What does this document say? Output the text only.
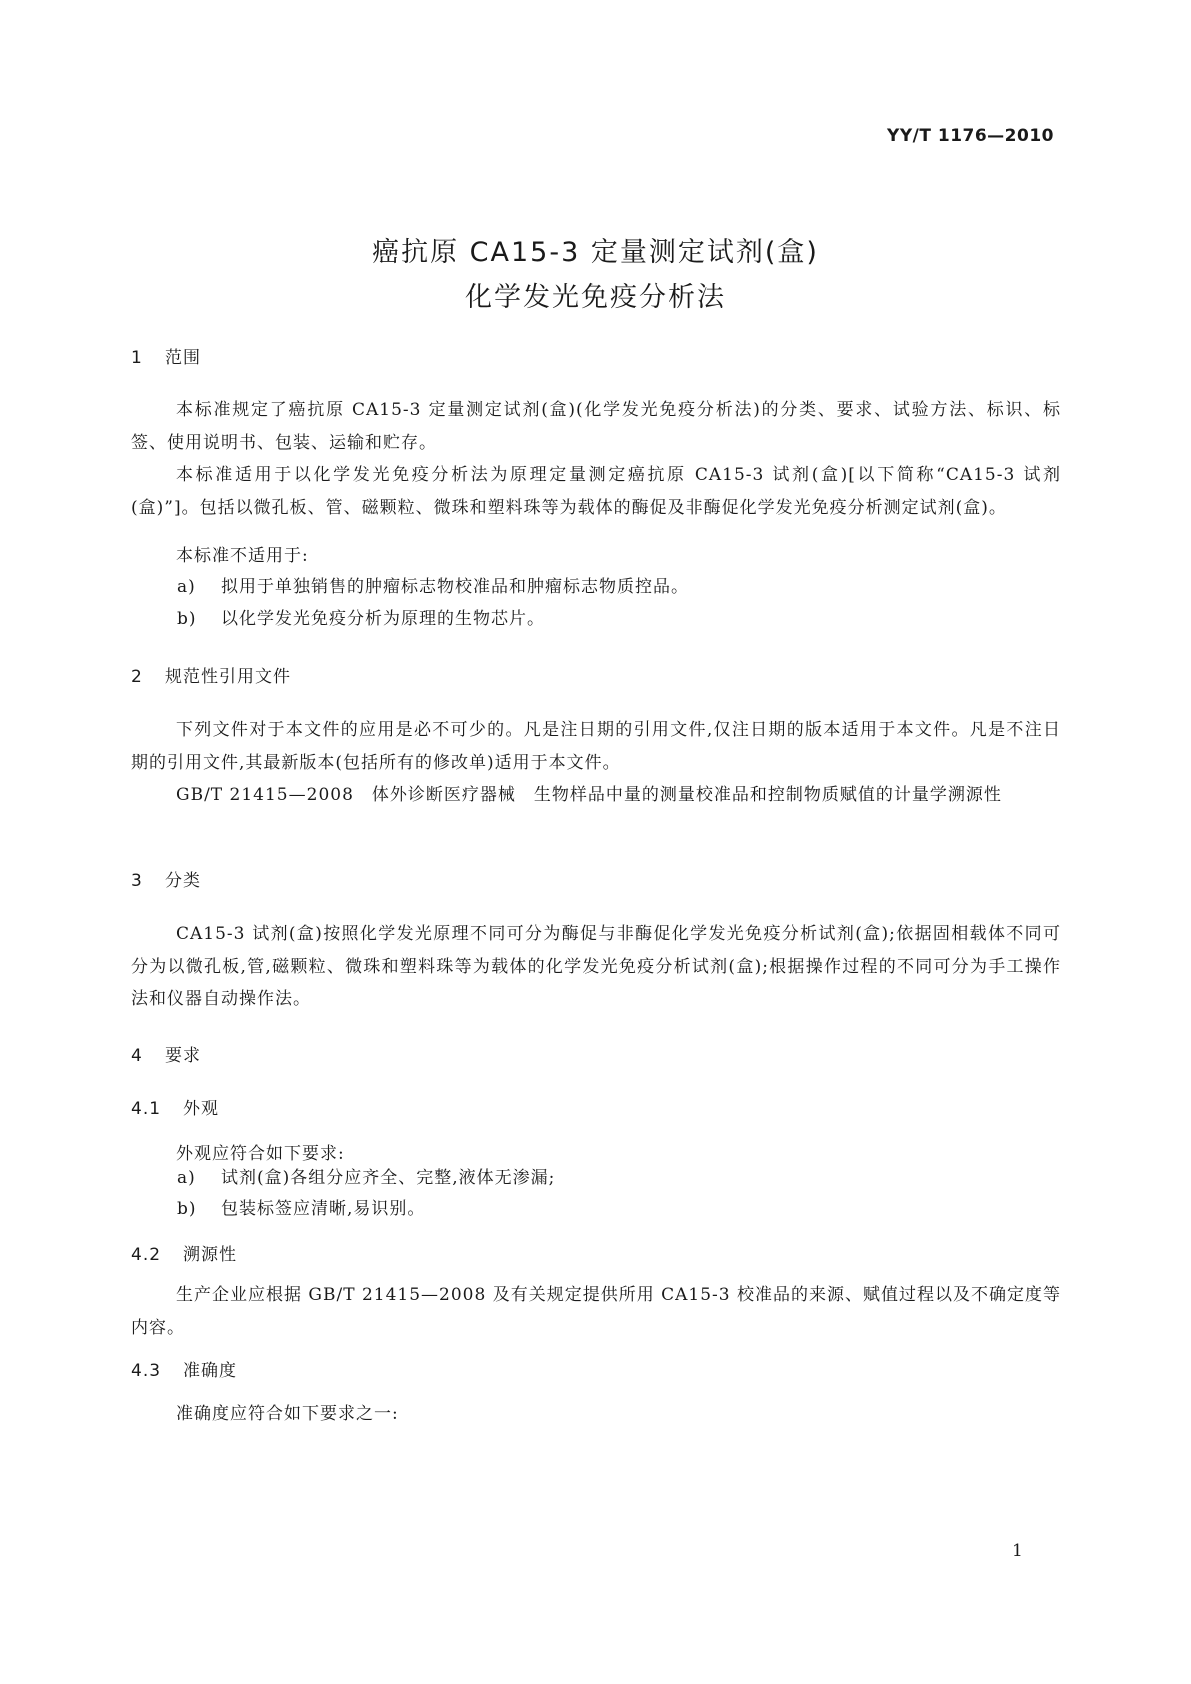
YY/T 1176—2010
癌抗原 CA15-3 定量测定试剂(盒)
化学发光免疫分析法
1 范围

本标准规定了癌抗原 CA15-3 定量测定试剂(盒)(化学发光免疫分析法)的分类、要求、试验方法、标识、标签、使用说明书、包装、运输和贮存。

本标准适用于以化学发光免疫分析法为原理定量测定癌抗原 CA15-3 试剂(盒)[以下简称“CA15-3 试剂(盒)”]。包括以微孔板、管、磁颗粒、微珠和塑料珠等为载体的酶促及非酶促化学发光免疫分析测定试剂(盒)。

本标准不适用于:

a) 拟用于单独销售的肿瘤标志物校准品和肿瘤标志物质控品。
b) 以化学发光免疫分析为原理的生物芯片。
2 规范性引用文件

下列文件对于本文件的应用是必不可少的。凡是注日期的引用文件,仅注日期的版本适用于本文件。凡是不注日期的引用文件,其最新版本(包括所有的修改单)适用于本文件。

GB/T 21415—2008　体外诊断医疗器械　生物样品中量的测量校准品和控制物质赋值的计量学溯源性

3 分类

CA15-3 试剂(盒)按照化学发光原理不同可分为酶促与非酶促化学发光免疫分析试剂(盒);依据固相载体不同可分为以微孔板,管,磁颗粒、微珠和塑料珠等为载体的化学发光免疫分析试剂(盒);根据操作过程的不同可分为手工操作法和仪器自动操作法。

4 要求
4.1 外观

外观应符合如下要求:

a) 试剂(盒)各组分应齐全、完整,液体无渗漏;
b) 包装标签应清晰,易识别。
4.2 溯源性

生产企业应根据 GB/T 21415—2008 及有关规定提供所用 CA15-3 校准品的来源、赋值过程以及不确定度等内容。

4.3 准确度

准确度应符合如下要求之一:

1
